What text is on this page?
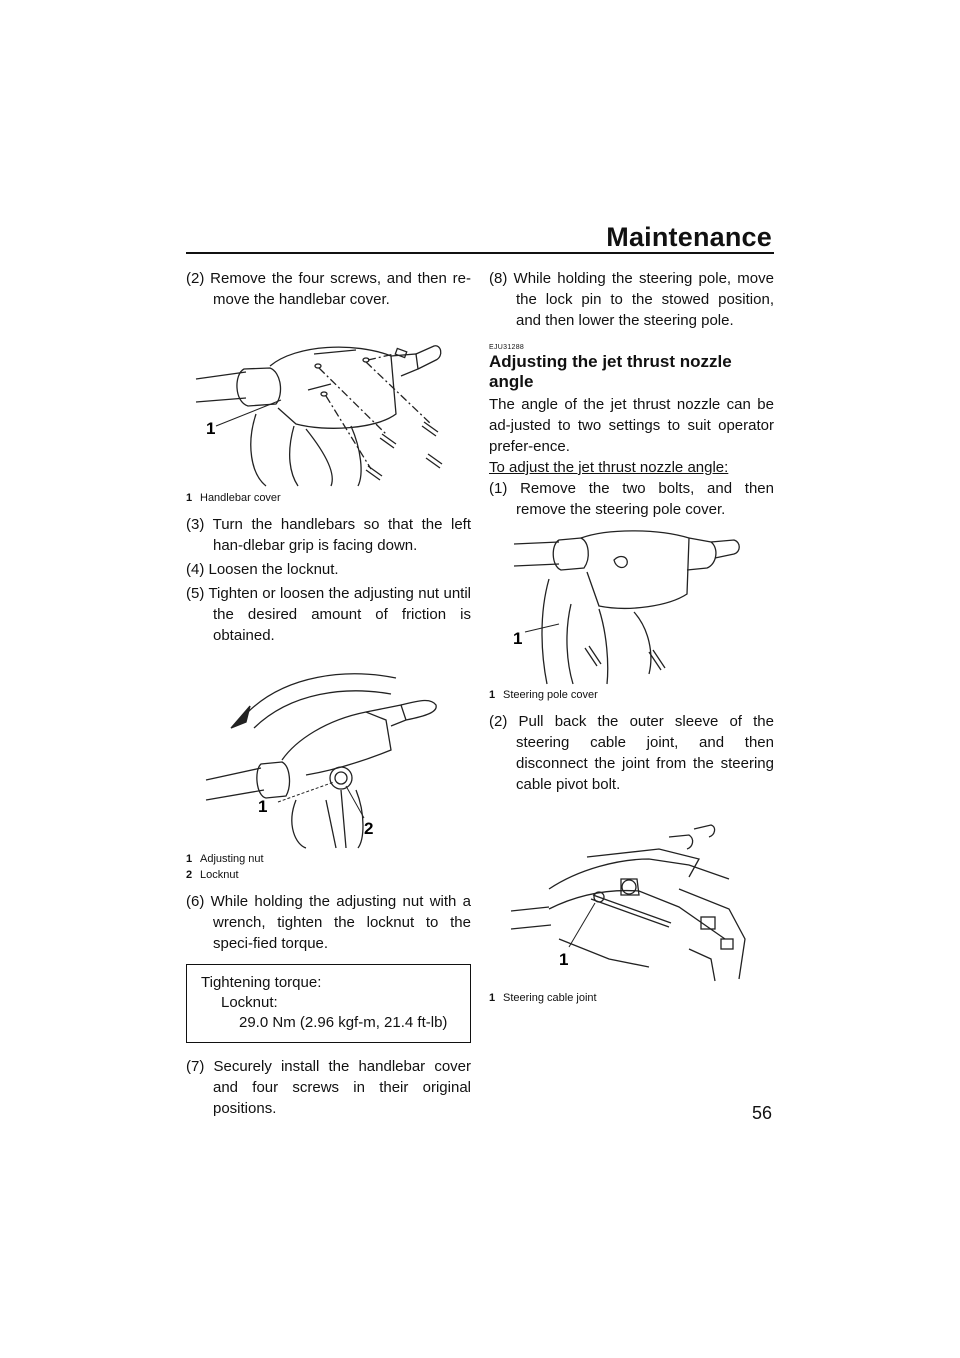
Maintenance

(2) Remove the four screws, and then re-move the handlebar cover.

1

1 Handlebar cover

(3) Turn the handlebars so that the left han-dlebar grip is facing down.

(4) Loosen the locknut.

(5) Tighten or loosen the adjusting nut until the desired amount of friction is obtained.

1
2

1 Adjusting nut

2 Locknut

(6) While holding the adjusting nut with a wrench, tighten the locknut to the speci-fied torque.

Tightening torque:
Locknut:
29.0 Nm (2.96 kgf-m, 21.4 ft-lb)

(7) Securely install the handlebar cover and four screws in their original positions.

(8) While holding the steering pole, move the lock pin to the stowed position, and then lower the steering pole.

EJU31288

Adjusting the jet thrust nozzle angle

The angle of the jet thrust nozzle can be ad-justed to two settings to suit operator prefer-ence.

To adjust the jet thrust nozzle angle:

(1) Remove the two bolts, and then remove the steering pole cover.

1

1 Steering pole cover

(2) Pull back the outer sleeve of the steering cable joint, and then disconnect the joint from the steering cable pivot bolt.

1

1 Steering cable joint

56
